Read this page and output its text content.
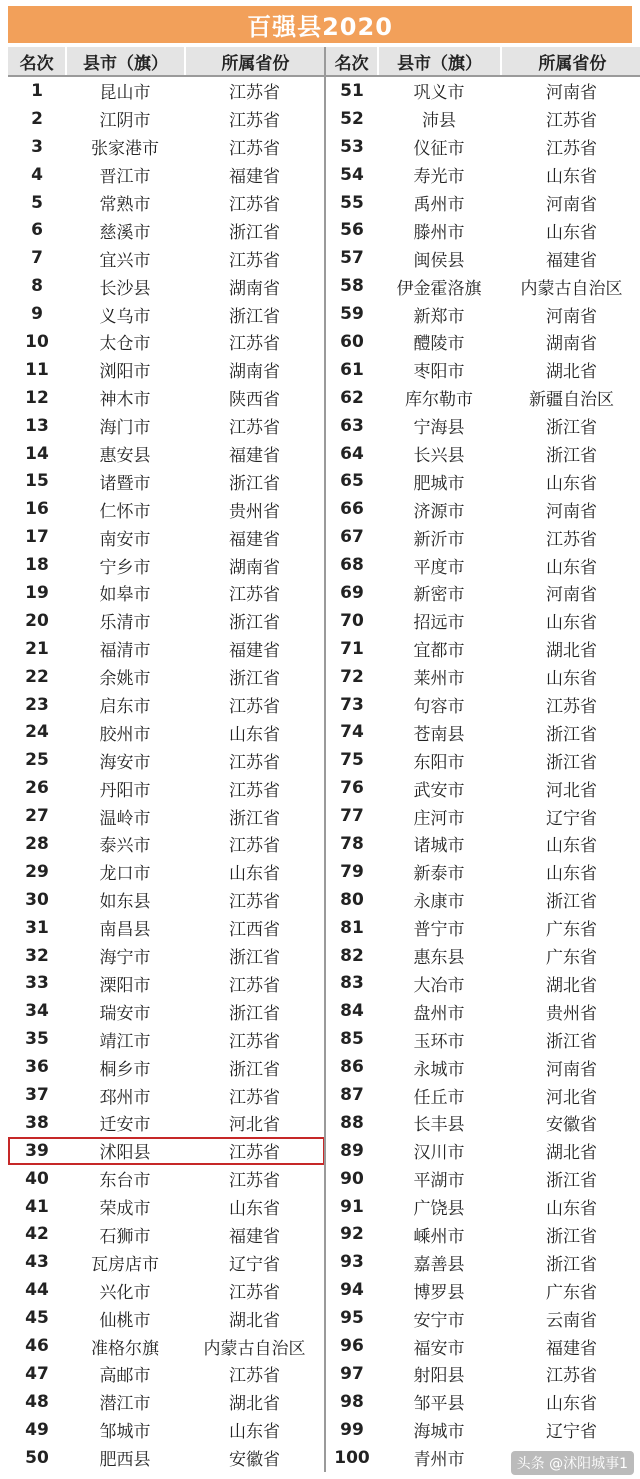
百强县2020
名次	县市（旗）	所属省份
1	昆山市	江苏省
2	江阴市	江苏省
3	张家港市	江苏省
4	晋江市	福建省
5	常熟市	江苏省
6	慈溪市	浙江省
7	宜兴市	江苏省
8	长沙县	湖南省
9	义乌市	浙江省
10	太仓市	江苏省
11	浏阳市	湖南省
12	神木市	陕西省
13	海门市	江苏省
14	惠安县	福建省
15	诸暨市	浙江省
16	仁怀市	贵州省
17	南安市	福建省
18	宁乡市	湖南省
19	如皋市	江苏省
20	乐清市	浙江省
21	福清市	福建省
22	余姚市	浙江省
23	启东市	江苏省
24	胶州市	山东省
25	海安市	江苏省
26	丹阳市	江苏省
27	温岭市	浙江省
28	泰兴市	江苏省
29	龙口市	山东省
30	如东县	江苏省
31	南昌县	江西省
32	海宁市	浙江省
33	溧阳市	江苏省
34	瑞安市	浙江省
35	靖江市	江苏省
36	桐乡市	浙江省
37	邳州市	江苏省
38	迁安市	河北省
39	沭阳县	江苏省
40	东台市	江苏省
41	荣成市	山东省
42	石狮市	福建省
43	瓦房店市	辽宁省
44	兴化市	江苏省
45	仙桃市	湖北省
46	准格尔旗	内蒙古自治区
47	高邮市	江苏省
48	潜江市	湖北省
49	邹城市	山东省
50	肥西县	安徽省
名次	县市（旗）	所属省份
51	巩义市	河南省
52	沛县	江苏省
53	仪征市	江苏省
54	寿光市	山东省
55	禹州市	河南省
56	滕州市	山东省
57	闽侯县	福建省
58	伊金霍洛旗	内蒙古自治区
59	新郑市	河南省
60	醴陵市	湖南省
61	枣阳市	湖北省
62	库尔勒市	新疆自治区
63	宁海县	浙江省
64	长兴县	浙江省
65	肥城市	山东省
66	济源市	河南省
67	新沂市	江苏省
68	平度市	山东省
69	新密市	河南省
70	招远市	山东省
71	宜都市	湖北省
72	莱州市	山东省
73	句容市	江苏省
74	苍南县	浙江省
75	东阳市	浙江省
76	武安市	河北省
77	庄河市	辽宁省
78	诸城市	山东省
79	新泰市	山东省
80	永康市	浙江省
81	普宁市	广东省
82	惠东县	广东省
83	大冶市	湖北省
84	盘州市	贵州省
85	玉环市	浙江省
86	永城市	河南省
87	任丘市	河北省
88	长丰县	安徽省
89	汉川市	湖北省
90	平湖市	浙江省
91	广饶县	山东省
92	嵊州市	浙江省
93	嘉善县	浙江省
94	博罗县	广东省
95	安宁市	云南省
96	福安市	福建省
97	射阳县	江苏省
98	邹平县	山东省
99	海城市	辽宁省
100	青州市	头条 @沭阳城事1
